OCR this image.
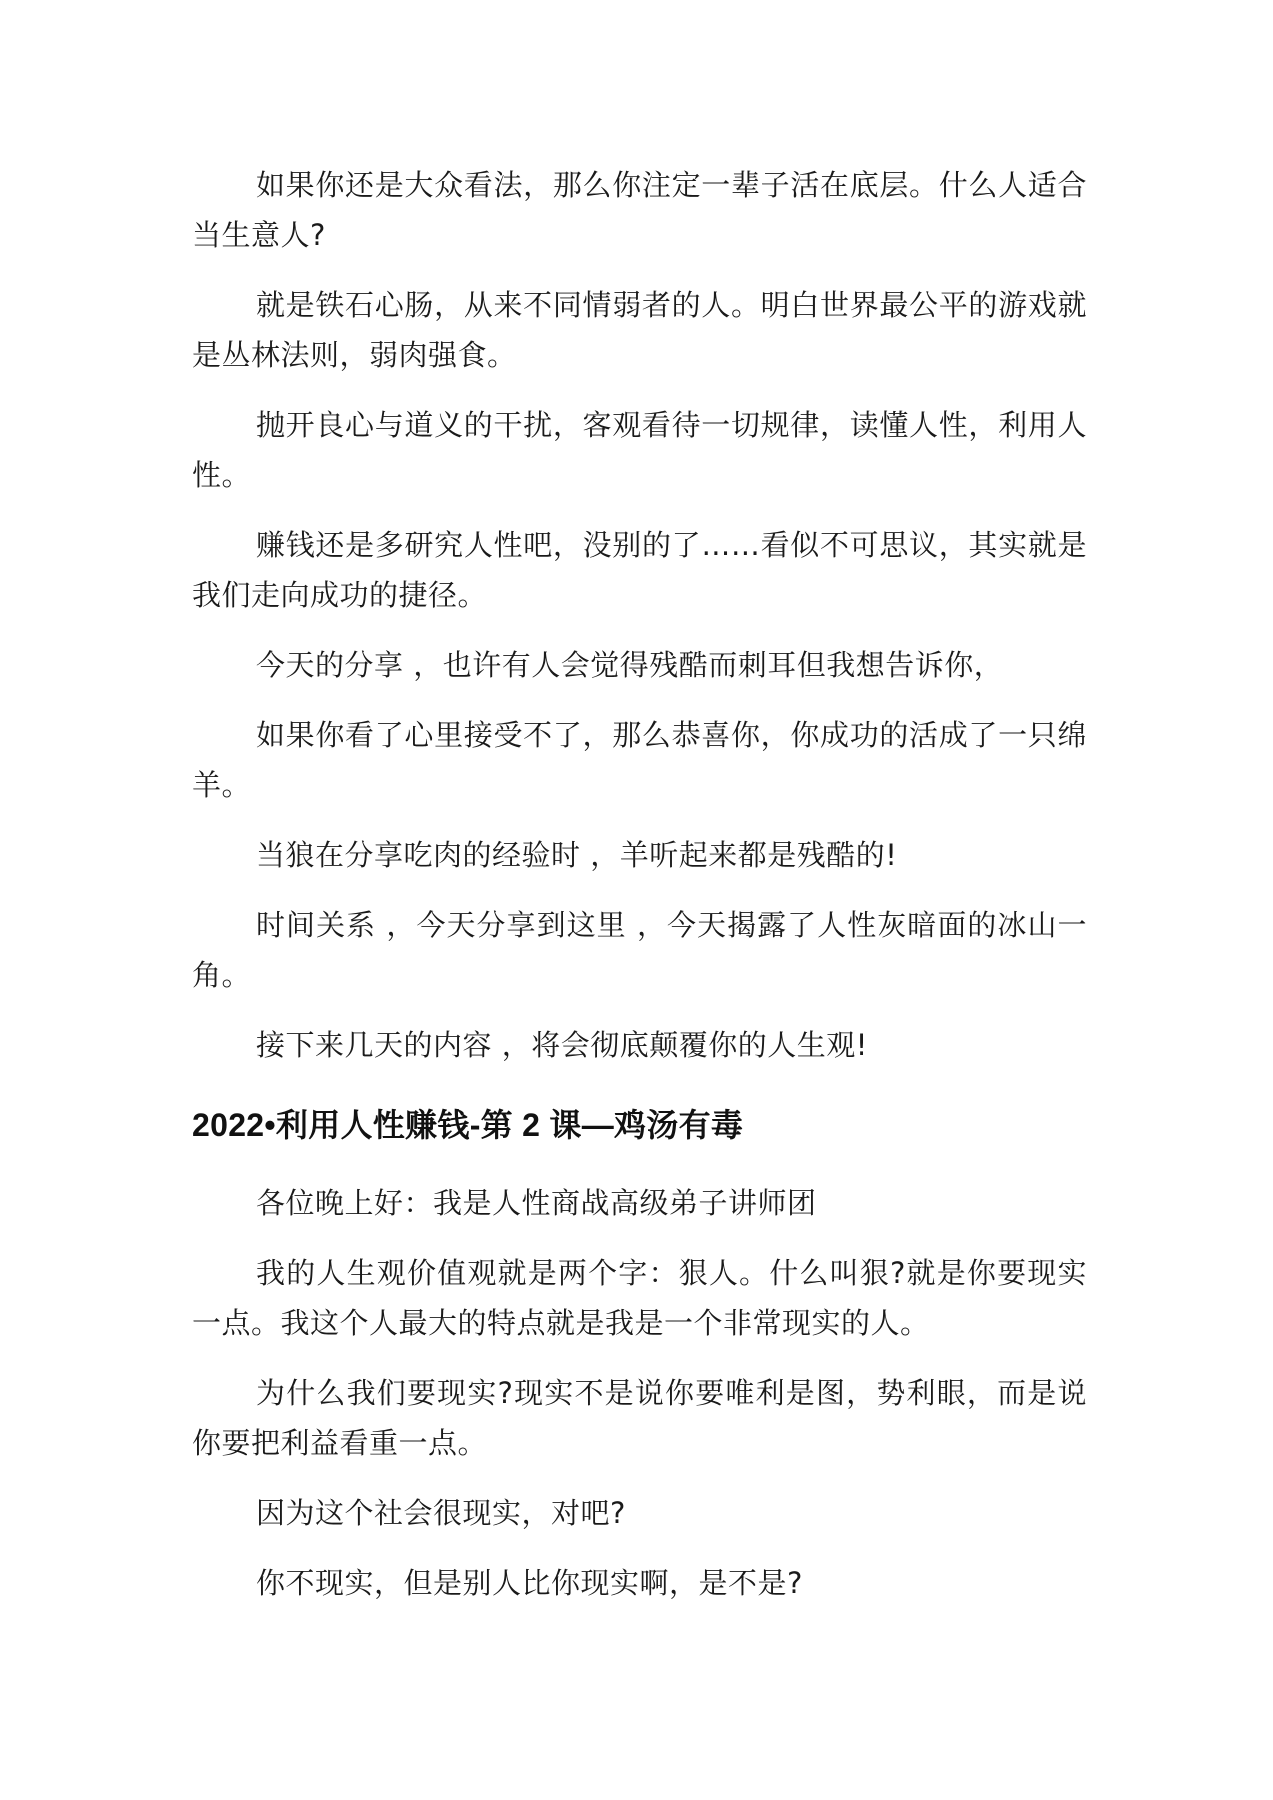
如果你还是大众看法，那么你注定一辈子活在底层。什么人适合当生意人?

就是铁石心肠，从来不同情弱者的人。明白世界最公平的游戏就是丛林法则，弱肉强食。

抛开良心与道义的干扰，客观看待一切规律，读懂人性，利用人性。

赚钱还是多研究人性吧，没别的了……看似不可思议，其实就是我们走向成功的捷径。

今天的分享 ，也许有人会觉得残酷而刺耳但我想告诉你，

如果你看了心里接受不了，那么恭喜你，你成功的活成了一只绵羊。

当狼在分享吃肉的经验时 ，羊听起来都是残酷的!

时间关系 ，今天分享到这里 ，今天揭露了人性灰暗面的冰山一角。

接下来几天的内容 ，将会彻底颠覆你的人生观!

2022•利用人性赚钱-第 2 课—鸡汤有毒

各位晚上好：我是人性商战高级弟子讲师团

我的人生观价值观就是两个字：狠人。什么叫狠?就是你要现实一点。我这个人最大的特点就是我是一个非常现实的人。

为什么我们要现实?现实不是说你要唯利是图，势利眼，而是说你要把利益看重一点。

因为这个社会很现实，对吧?

你不现实，但是别人比你现实啊，是不是?
